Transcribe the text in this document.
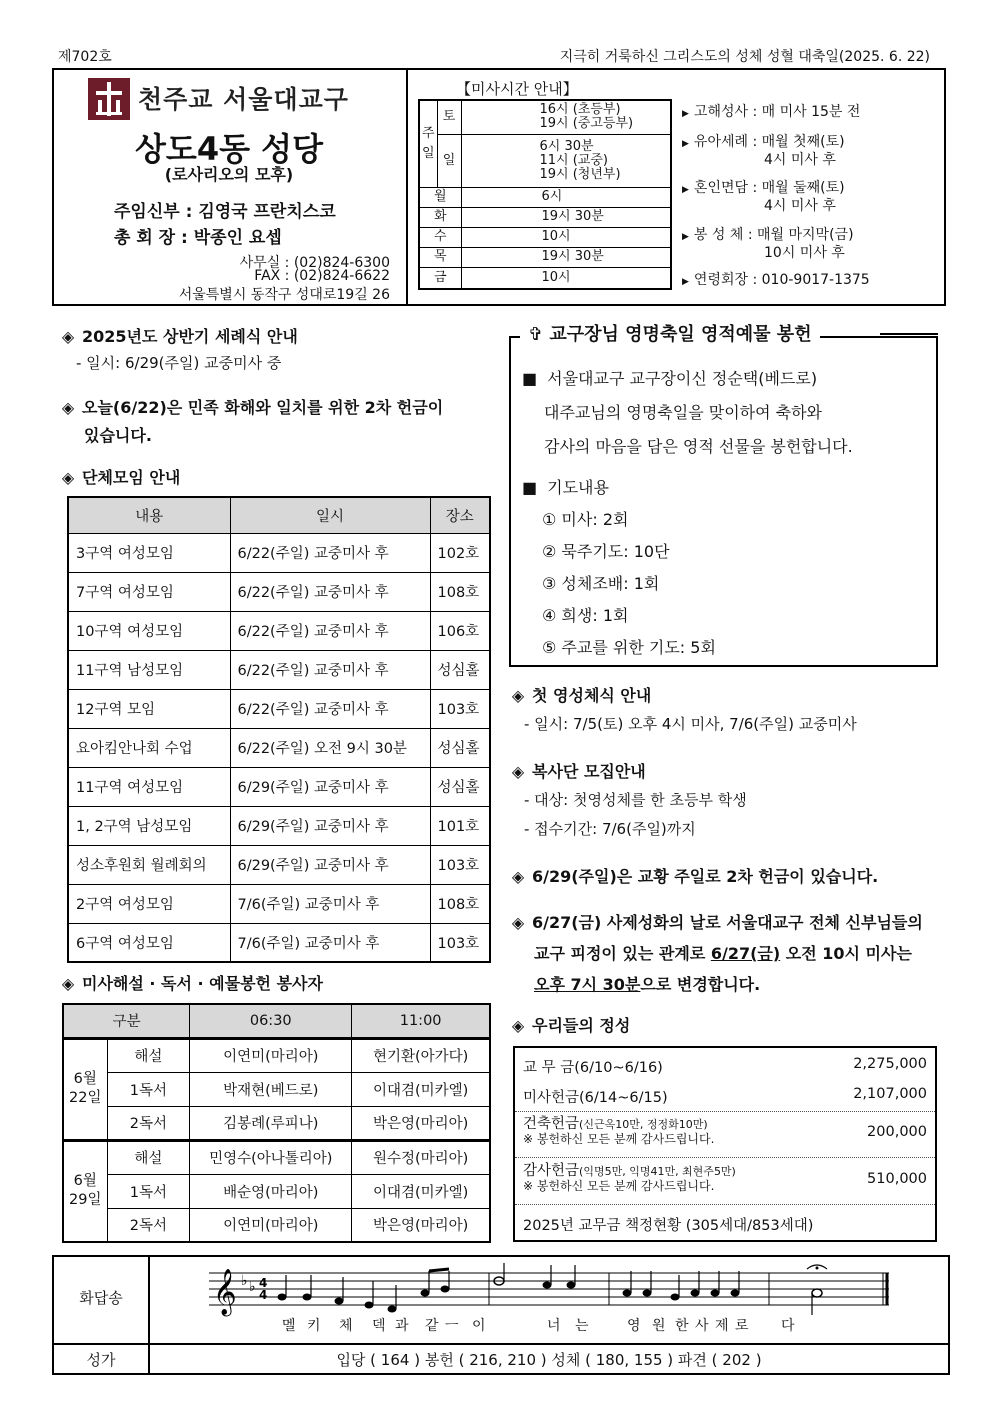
제702호	지극히 거룩하신 그리스도의 성체 성혈 대축일(2025. 6. 22)
천주교 서울대교구
상도4동 성당
(로사리오의 모후)
주임신부 : 김영국 프란치스코
총 회 장 : 박종인 요셉
사무실 : (02)824-6300
FAX : (02)824-6622
서울특별시 동작구 성대로19길 26
【미사시간 안내】
주일	토	16시 (초등부)
19시 (중고등부)

	일	6시 30분
11시 (교중)
19시 (청년부)

월		6시
화		19시 30분
수		10시
목		19시 30분
금		10시
▶ 고해성사 : 매 미사 15분 전
▶ 유아세례 : 매월 첫째(토)
4시 미사 후
▶ 혼인면담 : 매월 둘째(토)
4시 미사 후
▶ 봉 성 체 : 매월 마지막(금)
10시 미사 후
▶ 연령회장 : 010-9017-1375
◈ 2025년도 상반기 세례식 안내
- 일시: 6/29(주일) 교중미사 중
◈ 오늘(6/22)은 민족 화해와 일치를 위한 2차 헌금이
있습니다.
◈ 단체모임 안내
내용	일시	장소
3구역 여성모임	6/22(주일) 교중미사 후	102호
7구역 여성모임	6/22(주일) 교중미사 후	108호
10구역 여성모임	6/22(주일) 교중미사 후	106호
11구역 남성모임	6/22(주일) 교중미사 후	성심홀
12구역 모임	6/22(주일) 교중미사 후	103호
요아킴안나회 수업	6/22(주일) 오전 9시 30분	성심홀
11구역 여성모임	6/29(주일) 교중미사 후	성심홀
1, 2구역 남성모임	6/29(주일) 교중미사 후	101호
성소후원회 월례회의	6/29(주일) 교중미사 후	103호
2구역 여성모임	7/6(주일) 교중미사 후	108호
6구역 여성모임	7/6(주일) 교중미사 후	103호
◈ 미사해설 · 독서 · 예물봉헌 봉사자
구분		06:30	11:00

6월
22일	해설	이연미(마리아)	현기환(아가다)
	1독서	박재현(베드로)	이대겸(미카엘)
	2독서	김봉례(루피나)	박은영(마리아)

6월
29일	해설	민영수(아나톨리아)	원수정(마리아)
	1독서	배순영(마리아)	이대겸(미카엘)
	2독서	이연미(마리아)	박은영(마리아)
✞ 교구장님 영명축일 영적예물 봉헌
■ 서울대교구 교구장이신 정순택(베드로)
대주교님의 영명축일을 맞이하여 축하와
감사의 마음을 담은 영적 선물을 봉헌합니다.
■ 기도내용
① 미사: 2회
② 묵주기도: 10단
③ 성체조배: 1회
④ 희생: 1회
⑤ 주교를 위한 기도: 5회
◈ 첫 영성체식 안내
- 일시: 7/5(토) 오후 4시 미사, 7/6(주일) 교중미사
◈ 복사단 모집안내
- 대상: 첫영성체를 한 초등부 학생
- 접수기간: 7/6(주일)까지
◈ 6/29(주일)은 교황 주일로 2차 헌금이 있습니다.
◈ 6/27(금) 사제성화의 날로 서울대교구 전체 신부님들의
교구 피정이 있는 관계로 6/27(금) 오전 10시 미사는
오후 7시 30분으로 변경합니다.
◈ 우리들의 정성
교 무 금(6/10~6/16)	2,275,000
미사헌금(6/14~6/15)	2,107,000
건축헌금(신근옥10만, 정정화10만)
※ 봉헌하신 모든 분께 감사드립니다.	200,000
감사헌금(익명5만, 익명41만, 최현주5만)
※ 봉헌하신 모든 분께 감사드립니다.	510,000
2025년 교무금 책정현황 (305세대/853세대)
화답송
성가	입당 ( 164 ) 봉헌 ( 216, 210 ) 성체 ( 180, 155 ) 파견 ( 202 )
𝄞 ♭ ♭ 4
4
멜 키 체 덱 과 같 ㅡ 이	너 는	영 원 한 사 제 로 다
